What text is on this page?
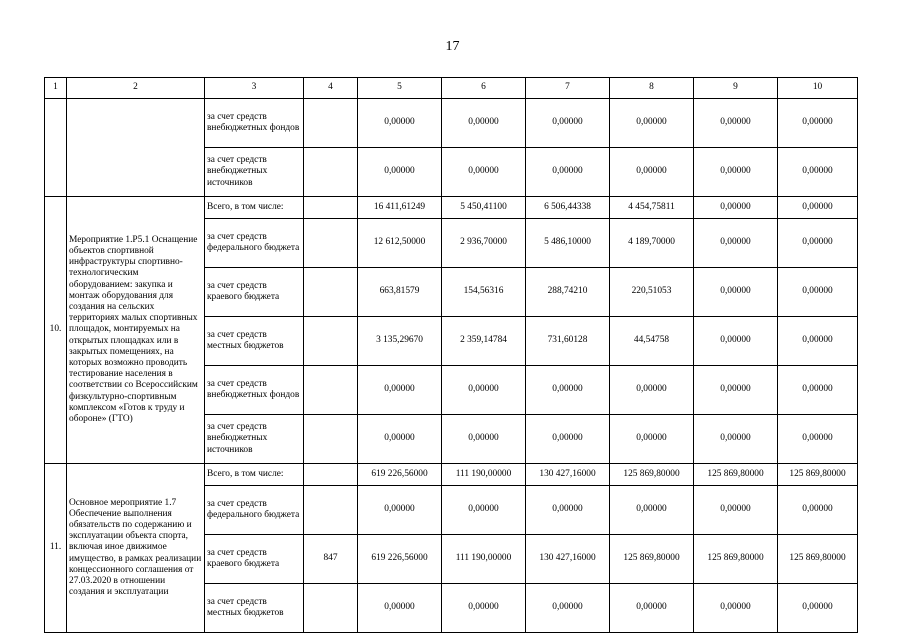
17
1	2	3	4	5	6	7	8	9	10
		за счет средств внебюджетных фондов		0,00000	0,00000	0,00000	0,00000	0,00000	0,00000
		за счет средств внебюджетных источников		0,00000	0,00000	0,00000	0,00000	0,00000	0,00000
10.	Мероприятие 1.Р5.1 Оснащение объектов спортивной инфраструктуры спортивно-технологическим оборудованием: закупка и монтаж оборудования для создания на сельских территориях малых спортивных площадок, монтируемых на открытых площадках или в закрытых помещениях, на которых возможно проводить тестирование населения в соответствии со Всероссийским физкультурно-спортивным комплексом «Готов к труду и обороне» (ГТО)	Всего, в том числе:		16 411,61249	5 450,41100	6 506,44338	4 454,75811	0,00000	0,00000
		за счет средств федерального бюджета		12 612,50000	2 936,70000	5 486,10000	4 189,70000	0,00000	0,00000
		за счет средств краевого бюджета		663,81579	154,56316	288,74210	220,51053	0,00000	0,00000
		за счет средств местных бюджетов		3 135,29670	2 359,14784	731,60128	44,54758	0,00000	0,00000
		за счет средств внебюджетных фондов		0,00000	0,00000	0,00000	0,00000	0,00000	0,00000
		за счет средств внебюджетных источников		0,00000	0,00000	0,00000	0,00000	0,00000	0,00000
11.	Основное мероприятие 1.7 Обеспечение выполнения обязательств по содержанию и эксплуатации объекта спорта, включая иное движимое имущество, в рамках реализации концессионного соглашения от 27.03.2020 в отношении создания и эксплуатации	Всего, в том числе:		619 226,56000	111 190,00000	130 427,16000	125 869,80000	125 869,80000	125 869,80000
		за счет средств федерального бюджета		0,00000	0,00000	0,00000	0,00000	0,00000	0,00000
		за счет средств краевого бюджета	847	619 226,56000	111 190,00000	130 427,16000	125 869,80000	125 869,80000	125 869,80000
		за счет средств местных бюджетов		0,00000	0,00000	0,00000	0,00000	0,00000	0,00000
